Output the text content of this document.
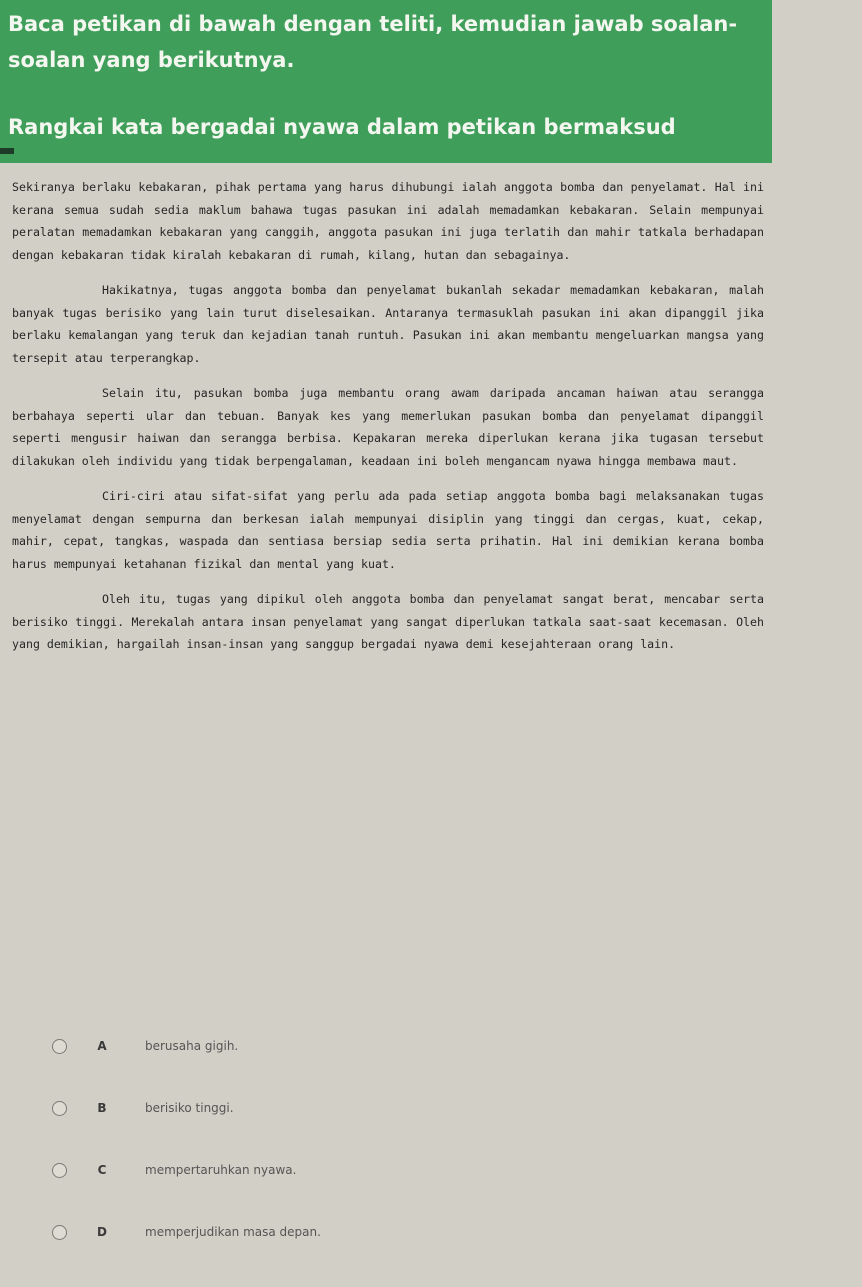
Baca petikan di bawah dengan teliti, kemudian jawab soalan-soalan yang berikutnya.
Rangkai kata bergadai nyawa dalam petikan bermaksud

Sekiranya berlaku kebakaran, pihak pertama yang harus dihubungi ialah anggota bomba dan penyelamat. Hal ini kerana semua sudah sedia maklum bahawa tugas pasukan ini adalah memadamkan kebakaran. Selain mempunyai peralatan memadamkan kebakaran yang canggih, anggota pasukan ini juga terlatih dan mahir tatkala berhadapan dengan kebakaran tidak kiralah kebakaran di rumah, kilang, hutan dan sebagainya.

Hakikatnya, tugas anggota bomba dan penyelamat bukanlah sekadar memadamkan kebakaran, malah banyak tugas berisiko yang lain turut diselesaikan. Antaranya termasuklah pasukan ini akan dipanggil jika berlaku kemalangan yang teruk dan kejadian tanah runtuh. Pasukan ini akan membantu mengeluarkan mangsa yang tersepit atau terperangkap.

Selain itu, pasukan bomba juga membantu orang awam daripada ancaman haiwan atau serangga berbahaya seperti ular dan tebuan. Banyak kes yang memerlukan pasukan bomba dan penyelamat dipanggil seperti mengusir haiwan dan serangga berbisa. Kepakaran mereka diperlukan kerana jika tugasan tersebut dilakukan oleh individu yang tidak berpengalaman, keadaan ini boleh mengancam nyawa hingga membawa maut.

Ciri-ciri atau sifat-sifat yang perlu ada pada setiap anggota bomba bagi melaksanakan tugas menyelamat dengan sempurna dan berkesan ialah mempunyai disiplin yang tinggi dan cergas, kuat, cekap, mahir, cepat, tangkas, waspada dan sentiasa bersiap sedia serta prihatin. Hal ini demikian kerana bomba harus mempunyai ketahanan fizikal dan mental yang kuat.

Oleh itu, tugas yang dipikul oleh anggota bomba dan penyelamat sangat berat, mencabar serta berisiko tinggi. Merekalah antara insan penyelamat yang sangat diperlukan tatkala saat-saat kecemasan. Oleh yang demikian, hargailah insan-insan yang sanggup bergadai nyawa demi kesejahteraan orang lain.

A	berusaha gigih.
B	berisiko tinggi.
C	mempertaruhkan nyawa.
D	memperjudikan masa depan.
